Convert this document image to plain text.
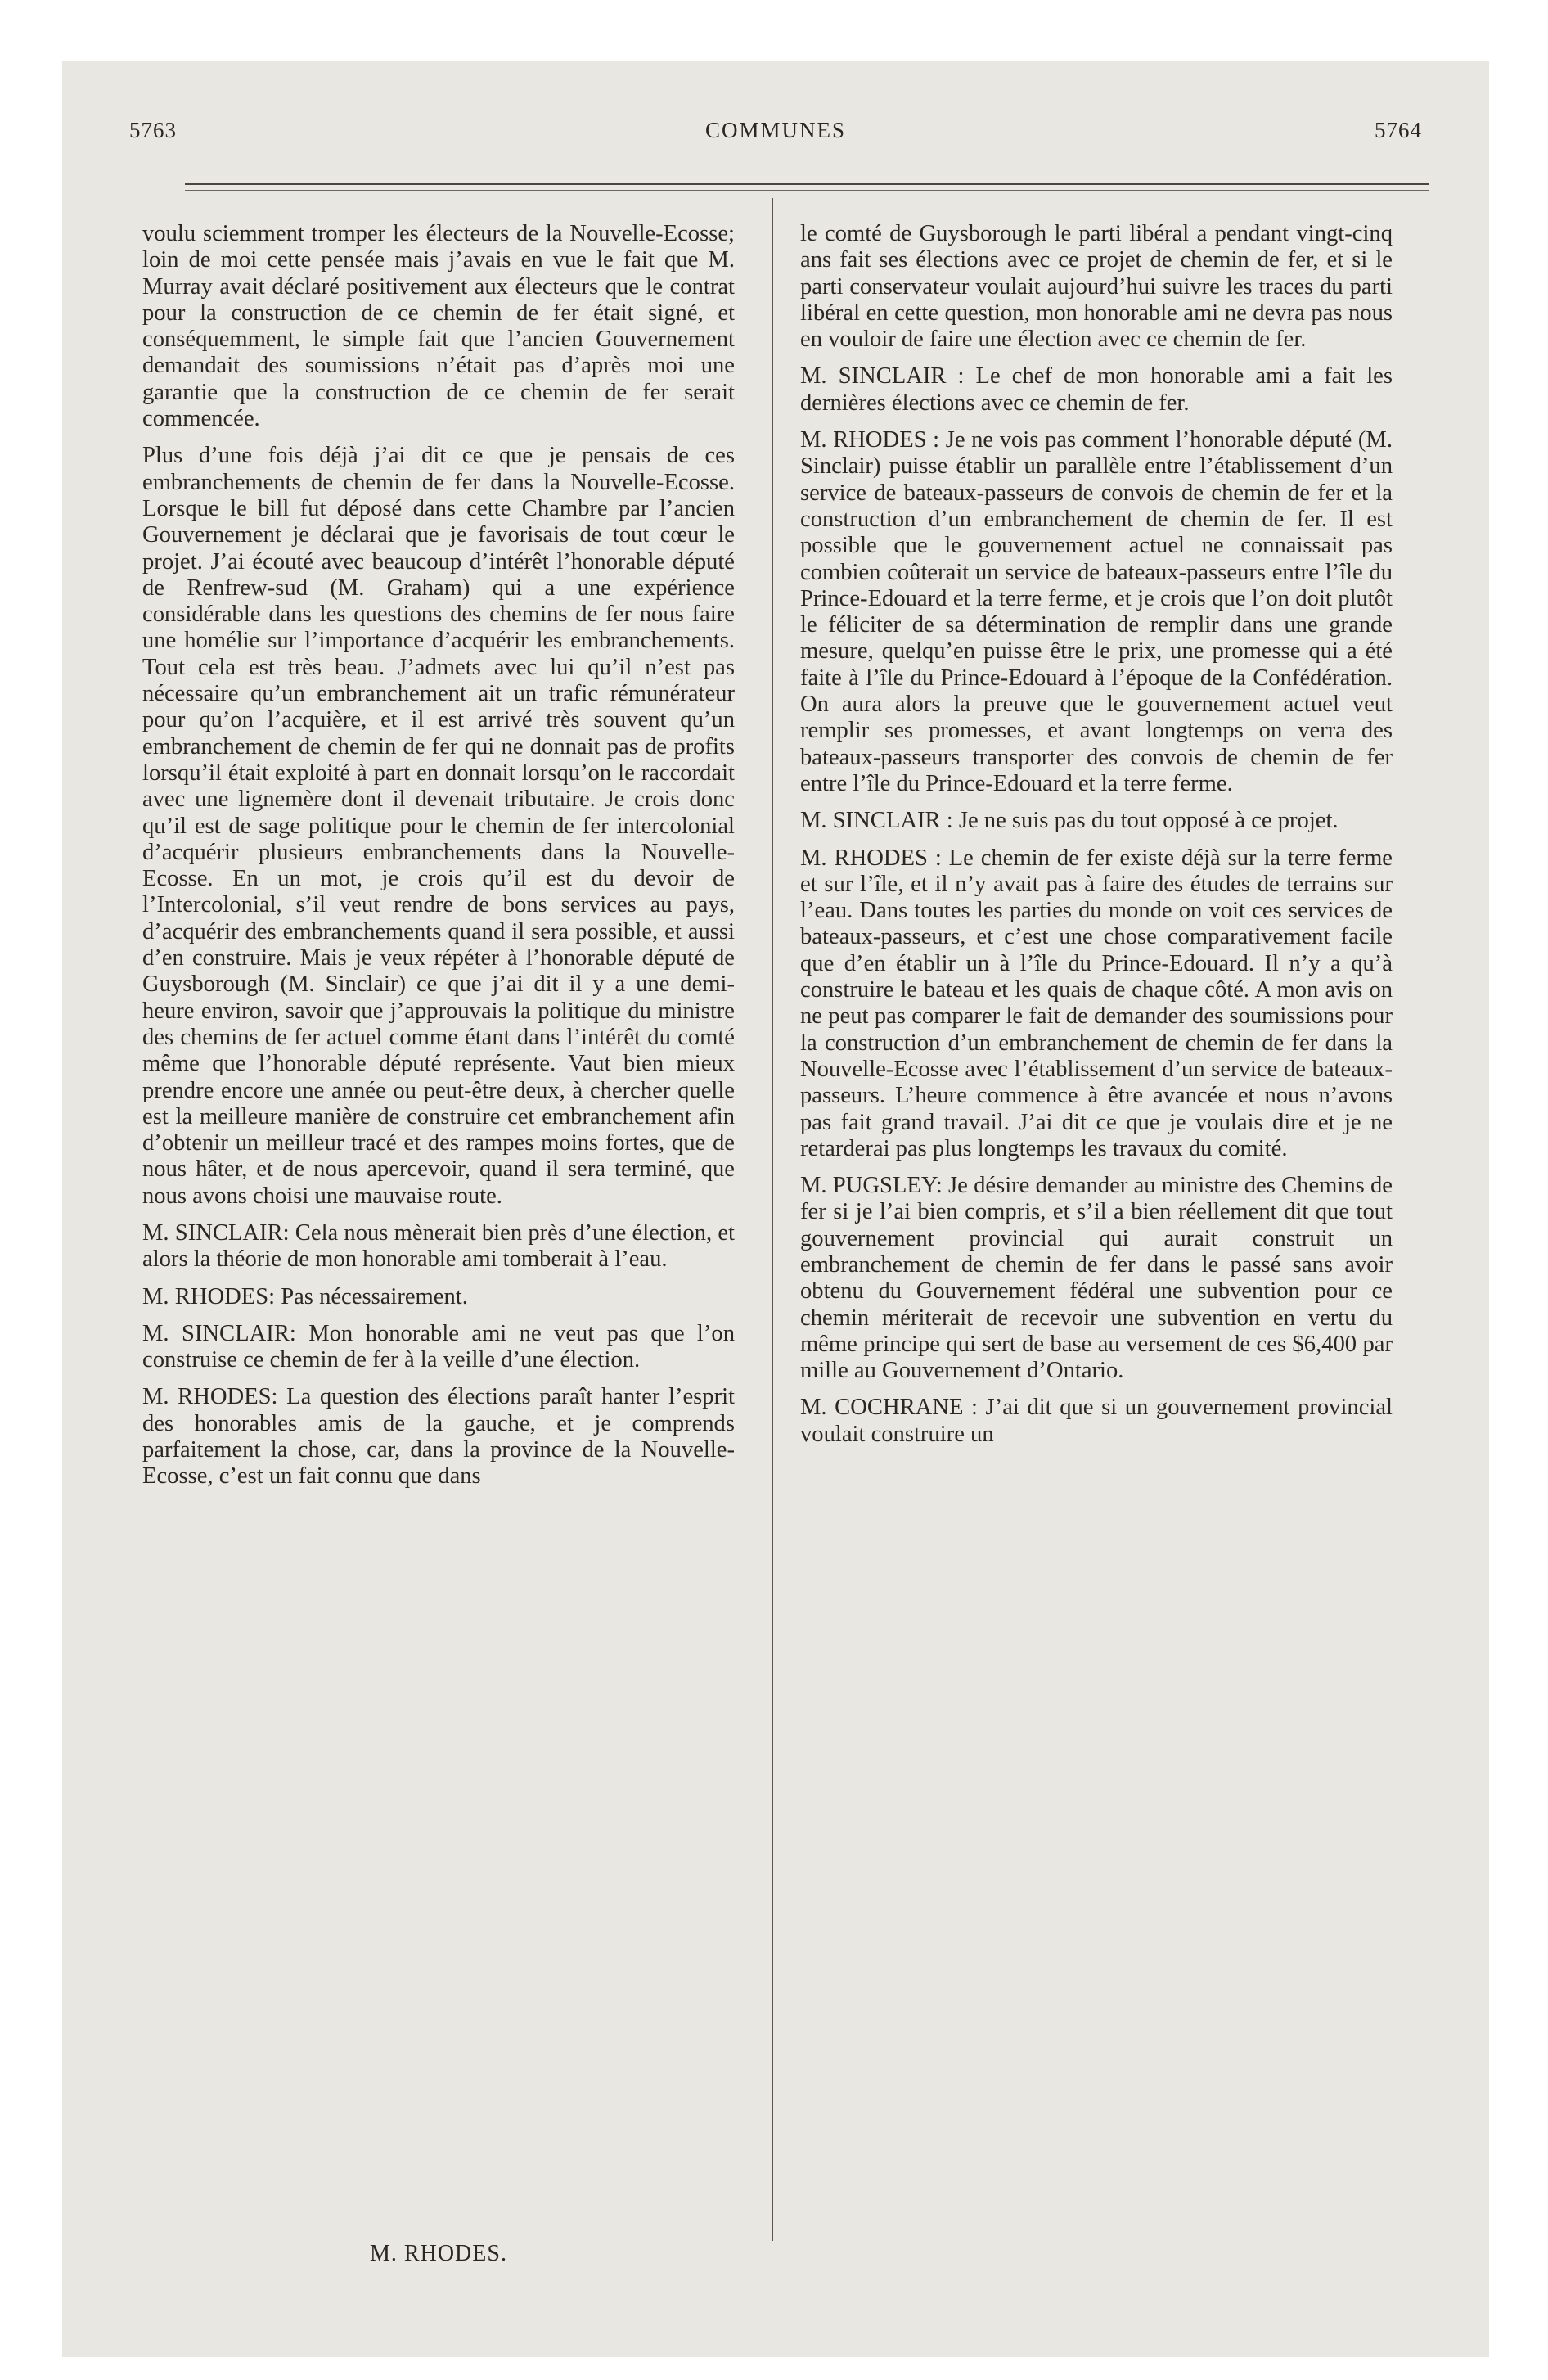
5763	COMMUNES	5764

voulu sciemment tromper les électeurs de la Nouvelle-Ecosse; loin de moi cette pensée mais j’avais en vue le fait que M. Murray avait déclaré positivement aux électeurs que le contrat pour la construction de ce chemin de fer était signé, et conséquemment, le simple fait que l’ancien Gouvernement demandait des soumissions n’était pas d’après moi une garantie que la construction de ce chemin de fer serait commencée.

Plus d’une fois déjà j’ai dit ce que je pensais de ces embranchements de chemin de fer dans la Nouvelle-Ecosse. Lorsque le bill fut déposé dans cette Chambre par l’ancien Gouvernement je déclarai que je favorisais de tout cœur le projet. J’ai écouté avec beaucoup d’intérêt l’honorable député de Renfrew-sud (M. Graham) qui a une expérience considérable dans les questions des chemins de fer nous faire une homélie sur l’importance d’acquérir les embranchements. Tout cela est très beau. J’admets avec lui qu’il n’est pas nécessaire qu’un embranchement ait un trafic rémunérateur pour qu’on l’acquière, et il est arrivé très souvent qu’un embranchement de chemin de fer qui ne donnait pas de profits lorsqu’il était exploité à part en donnait lorsqu’on le raccordait avec une lignemère dont il devenait tributaire. Je crois donc qu’il est de sage politique pour le chemin de fer intercolonial d’acquérir plusieurs embranchements dans la Nouvelle-Ecosse. En un mot, je crois qu’il est du devoir de l’Intercolonial, s’il veut rendre de bons services au pays, d’acquérir des embranchements quand il sera possible, et aussi d’en construire. Mais je veux répéter à l’honorable député de Guysborough (M. Sinclair) ce que j’ai dit il y a une demi-heure environ, savoir que j’approuvais la politique du ministre des chemins de fer actuel comme étant dans l’intérêt du comté même que l’honorable député représente. Vaut bien mieux prendre encore une année ou peut-être deux, à chercher quelle est la meilleure manière de construire cet embranchement afin d’obtenir un meilleur tracé et des rampes moins fortes, que de nous hâter, et de nous apercevoir, quand il sera terminé, que nous avons choisi une mauvaise route.

M. SINCLAIR: Cela nous mènerait bien près d’une élection, et alors la théorie de mon honorable ami tomberait à l’eau.

M. RHODES: Pas nécessairement.

M. SINCLAIR: Mon honorable ami ne veut pas que l’on construise ce chemin de fer à la veille d’une élection.

M. RHODES: La question des élections paraît hanter l’esprit des honorables amis de la gauche, et je comprends parfaitement la chose, car, dans la province de la Nouvelle-Ecosse, c’est un fait connu que dans

le comté de Guysborough le parti libéral a pendant vingt-cinq ans fait ses élections avec ce projet de chemin de fer, et si le parti conservateur voulait aujourd’hui suivre les traces du parti libéral en cette question, mon honorable ami ne devra pas nous en vouloir de faire une élection avec ce chemin de fer.

M. SINCLAIR : Le chef de mon honorable ami a fait les dernières élections avec ce chemin de fer.

M. RHODES : Je ne vois pas comment l’honorable député (M. Sinclair) puisse établir un parallèle entre l’établissement d’un service de bateaux-passeurs de convois de chemin de fer et la construction d’un embranchement de chemin de fer. Il est possible que le gouvernement actuel ne connaissait pas combien coûterait un service de bateaux-passeurs entre l’île du Prince-Edouard et la terre ferme, et je crois que l’on doit plutôt le féliciter de sa détermination de remplir dans une grande mesure, quelqu’en puisse être le prix, une promesse qui a été faite à l’île du Prince-Edouard à l’époque de la Confédération. On aura alors la preuve que le gouvernement actuel veut remplir ses promesses, et avant longtemps on verra des bateaux-passeurs transporter des convois de chemin de fer entre l’île du Prince-Edouard et la terre ferme.

M. SINCLAIR : Je ne suis pas du tout opposé à ce projet.

M. RHODES : Le chemin de fer existe déjà sur la terre ferme et sur l’île, et il n’y avait pas à faire des études de terrains sur l’eau. Dans toutes les parties du monde on voit ces services de bateaux-passeurs, et c’est une chose comparativement facile que d’en établir un à l’île du Prince-Edouard. Il n’y a qu’à construire le bateau et les quais de chaque côté. A mon avis on ne peut pas comparer le fait de demander des soumissions pour la construction d’un embranchement de chemin de fer dans la Nouvelle-Ecosse avec l’établissement d’un service de bateaux-passeurs. L’heure commence à être avancée et nous n’avons pas fait grand travail. J’ai dit ce que je voulais dire et je ne retarderai pas plus longtemps les travaux du comité.

M. PUGSLEY: Je désire demander au ministre des Chemins de fer si je l’ai bien compris, et s’il a bien réellement dit que tout gouvernement provincial qui aurait construit un embranchement de chemin de fer dans le passé sans avoir obtenu du Gouvernement fédéral une subvention pour ce chemin mériterait de recevoir une subvention en vertu du même principe qui sert de base au versement de ces $6,400 par mille au Gouvernement d’Ontario.

M. COCHRANE : J’ai dit que si un gouvernement provincial voulait construire un

M. RHODES.
